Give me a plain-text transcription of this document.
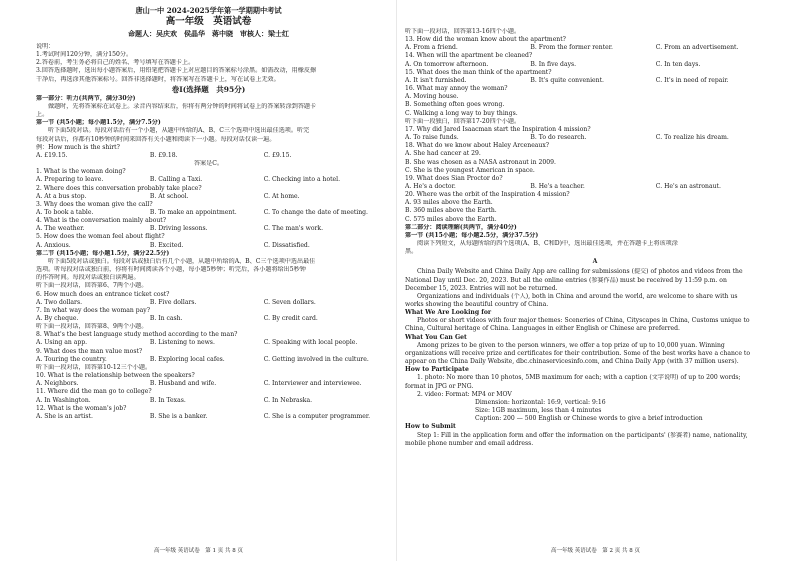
唐山一中 2024-2025学年第一学期期中考试
高一年级　英语试卷
命题人：吴庆欢　侯晶华　蒋中晓　审核人：梁士红
说明：
1.考试时间120分钟，满分150分。
2.答卷前，考生务必将自己的姓名、考号填写在答题卡上。
3.回答选择题时，选出每小题答案后，用铅笔把答题卡上对应题目的答案标号涂黑。如需改动，用橡皮擦
干净后，再选涂其他答案标号。回答非选择题时，将答案写在答题卡上，写在试卷上无效。
卷Ⅰ(选择题　共95分)
第一部分：听力(共两节，满分30分)
做题时，先将答案标在试卷上。录音内容结束后，你将有两分钟的时间将试卷上的答案转涂到答题卡
上。
第一节 (共5小题；每小题1.5分，满分7.5分)
听下面5段对话。每段对话后有一个小题，从题中所给的A、B、C三个选项中选出最佳选项。听完
每段对话后，你都有10秒钟的时间来回答有关小题和阅读下一小题。每段对话仅读一遍。
例：How much is the shirt?
A. £19.15.	B. £9.18.	C. £9.15.
答案是C。
1. What is the woman doing?
A. Preparing to leave.	B. Calling a Taxi.	C. Checking into a hotel.
2. Where does this conversation probably take place?
A. At a bus stop.	B. At school.	C. At home.
3. Why does the woman give the call?
A. To book a table.	B. To make an appointment.	C. To change the date of meeting.
4. What is the conversation mainly about?
A. The weather.	B. Driving lessons.	C. The man's work.
5. How does the woman feel about flight?
A. Anxious.	B. Excited.	C. Dissatisfied.
第二节 (共15小题；每小题1.5分，满分22.5分)
听下面5段对话或独白。每段对话或独白后有几个小题，从题中所给的A、B、C三个选项中选出最佳
选项。听每段对话或独白前，你将有时间阅读各个小题，每小题5秒钟；听完后，各小题将给出5秒钟
的作答时间。每段对话或独白读两遍。
听下面一段对话，回答第6、7两个小题。
6. How much does an entrance ticket cost?
A. Two dollars.	B. Five dollars.	C. Seven dollars.
7. In what way does the woman pay?
A. By cheque.	B. In cash.	C. By credit card.
听下面一段对话，回答第8、9两个小题。
8. What's the best language study method according to the man?
A. Using an app.	B. Listening to news.	C. Speaking with local people.
9. What does the man value most?
A. Touring the country.	B. Exploring local cafes.	C. Getting involved in the culture.
听下面一段对话，回答第10-12三个小题。
10. What is the relationship between the speakers?
A. Neighbors.	B. Husband and wife.	C. Interviewer and interviewee.
11. Where did the man go to college?
A. In Washington.	B. In Texas.	C. In Nebraska.
12. What is the woman's job?
A. She is an artist.	B. She is a banker.	C. She is a computer programmer.
高一年级 英语试卷　第 1 页 共 8 页
听下面一段对话，回答第13-16四个小题。
13. How did the woman know about the apartment?
A. From a friend.	B. From the former renter.	C. From an advertisement.
14. When will the apartment be cleaned?
A. On tomorrow afternoon.	B. In five days.	C. In ten days.
15. What does the man think of the apartment?
A. It isn't furnished.	B. It's quite convenient.	C. It's in need of repair.
16. What may annoy the woman?
A. Moving house.
B. Something often goes wrong.
C. Walking a long way to buy things.
听下面一段独白，回答第17-20四个小题。
17. Why did Jared Isaacman start the Inspiration 4 mission?
A. To raise funds.	B. To do research.	C. To realize his dream.
18. What do we know about Haley Arceneaux?
A. She had cancer at 29.
B. She was chosen as a NASA astronaut in 2009.
C. She is the youngest American in space.
19. What does Sian Proctor do?
A. He's a doctor.	B. He's a teacher.	C. He's an astronaut.
20. Where was the orbit of the Inspiration 4 mission?
A. 93 miles above the Earth.
B. 360 miles above the Earth.
C. 575 miles above the Earth.
第二部分：阅读理解(共两节，满分40分)
第一节 (共15小题；每小题2.5分，满分37.5分)
阅读下列短文，从每题所给的四个选项(A、B、C和D)中，选出最佳选项，并在答题卡上将该项涂
黑。
A
China Daily Website and China Daily App are calling for submissions (提交) of photos and videos from the
National Day until Dec. 20, 2023. But all the online entries (参赛作品) must be received by 11:59 p.m. on
December 15, 2023. Entries will not be returned.
Organizations and individuals (个人), both in China and around the world, are welcome to share with us
works showing the beautiful country of China.
What We Are Looking for
Photos or short videos with four major themes: Sceneries of China, Cityscapes in China, Customs unique to
China, Cultural heritage of China. Languages in either English or Chinese are preferred.
What You Can Get
Among prizes to be given to the person winners, we offer a top prize of up to 10,000 yuan. Winning
organizations will receive prize and certificates for their contribution. Some of the best works have a chance to
appear on the China Daily Website, dbc.chinaservicesinfo.com, and China Daily App (with 37 million users).
How to Participate
1. photo: No more than 10 photos, 5MB maximum for each; with a caption (文字说明) of up to 200 words;
format in JPG or PNG.
2. video: Format: MP4 or MOV
Dimension: horizontal: 16:9, vertical: 9:16
Size: 1GB maximum, less than 4 minutes
Caption: 200 — 500 English or Chinese words to give a brief introduction
How to Submit
Step 1: Fill in the application form and offer the information on the participants' (参赛者) name, nationality,
mobile phone number and email address.
高一年级 英语试卷　第 2 页 共 8 页
